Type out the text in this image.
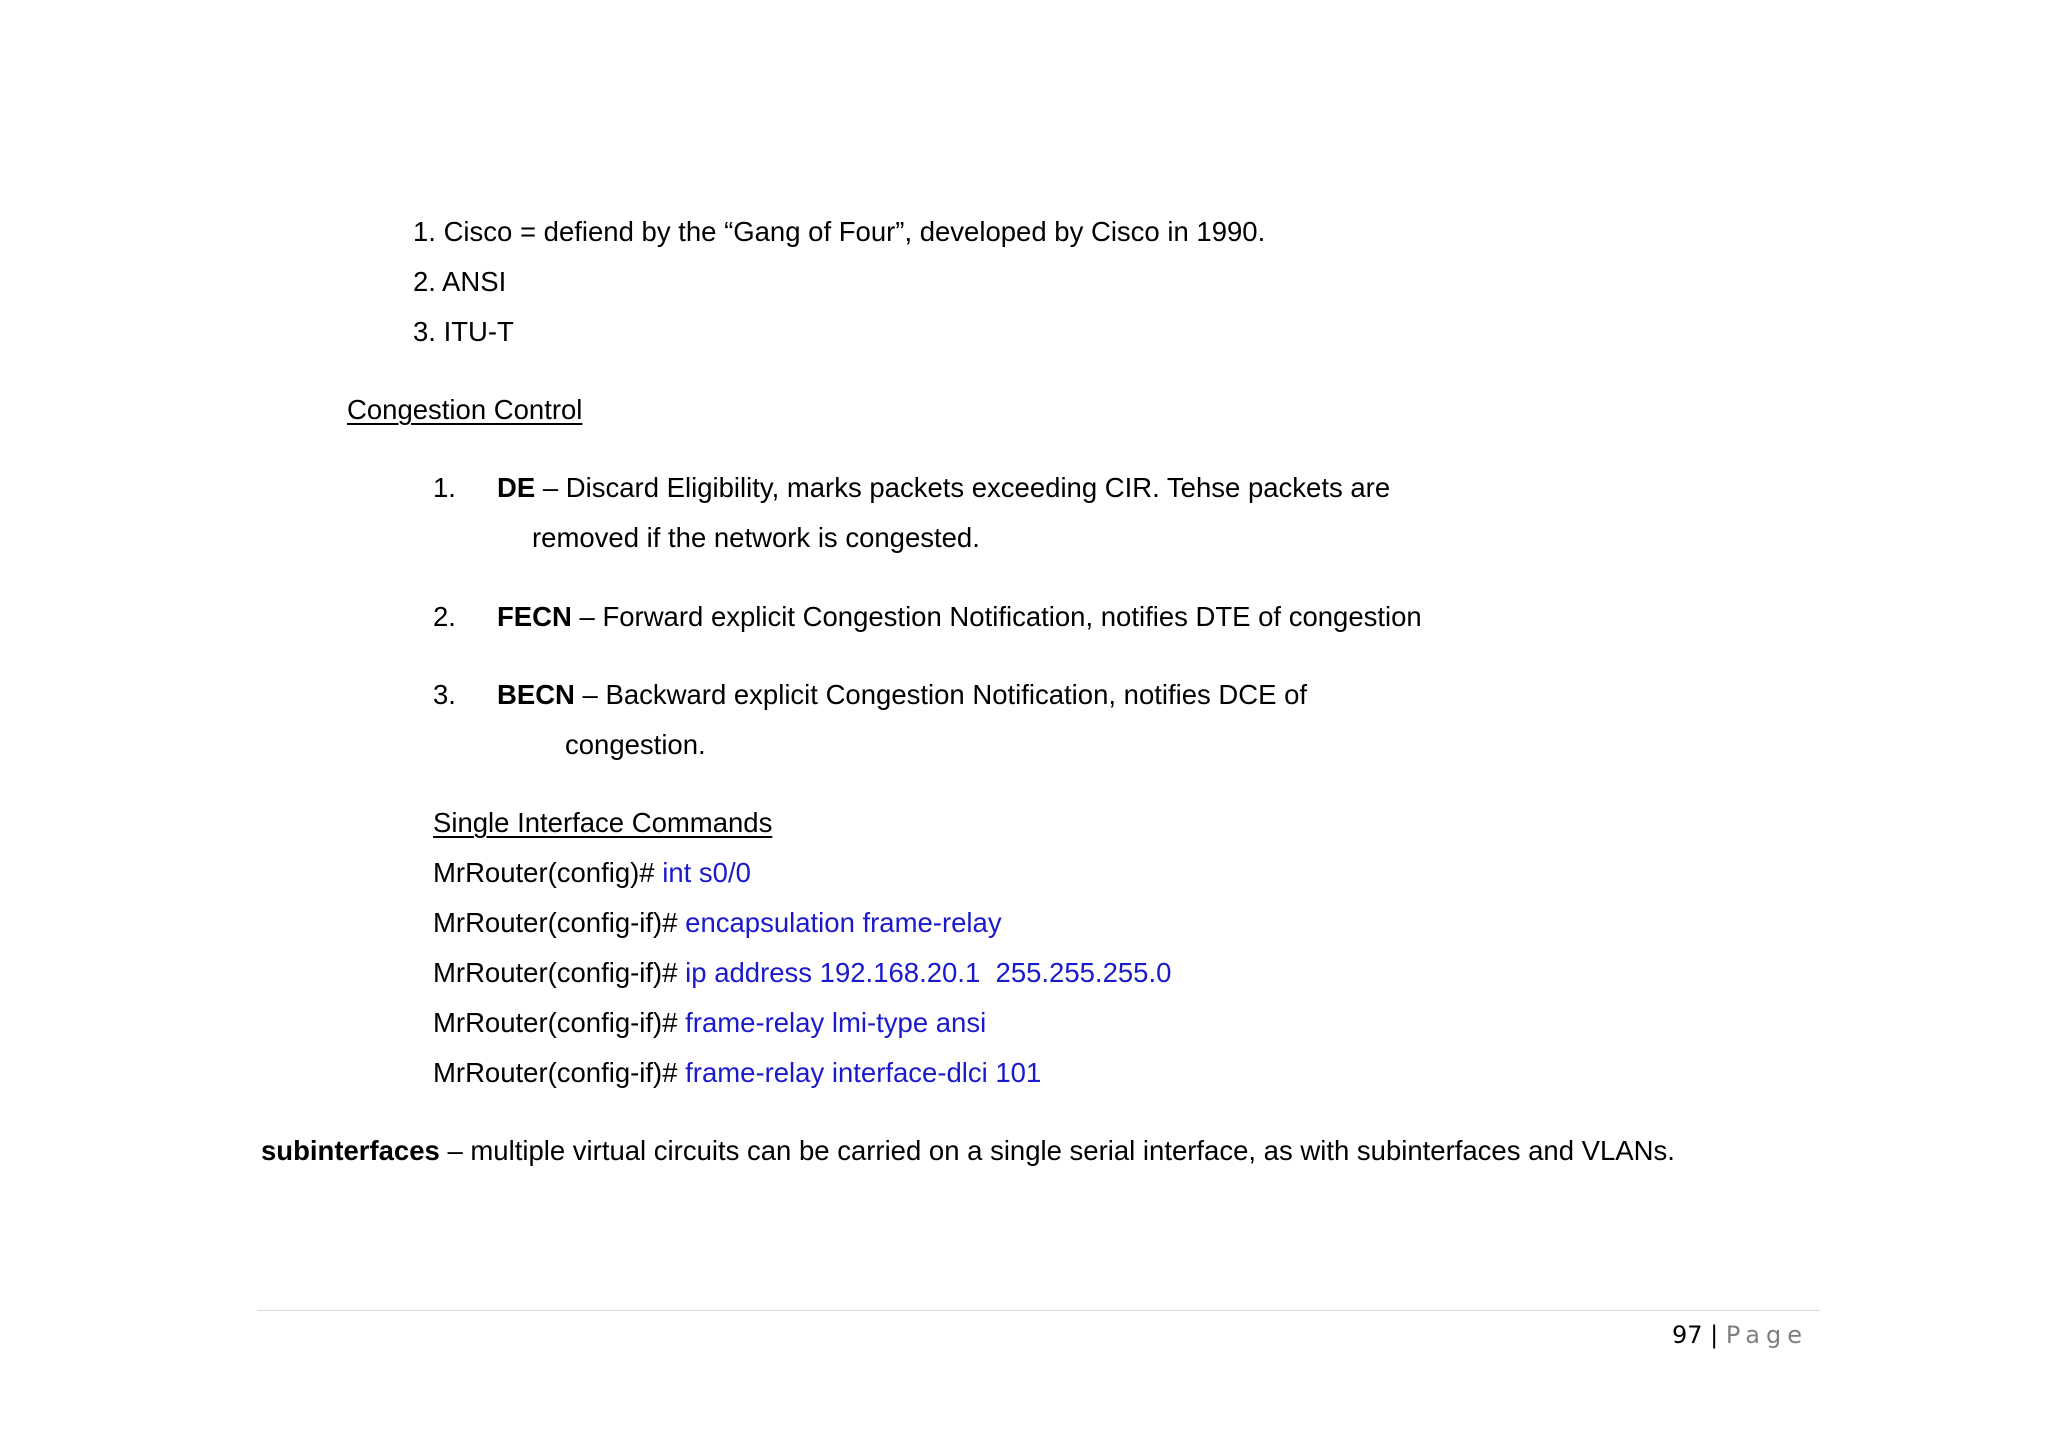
1. Cisco = defiend by the “Gang of Four”, developed by Cisco in 1990.
2. ANSI
3. ITU-T
Congestion Control
1. DE – Discard Eligibility, marks packets exceeding CIR. Tehse packets are
removed if the network is congested.
2. FECN – Forward explicit Congestion Notification, notifies DTE of congestion
3. BECN – Backward explicit Congestion Notification, notifies DCE of
congestion.
Single Interface Commands
MrRouter(config)# int s0/0
MrRouter(config-if)# encapsulation frame-relay
MrRouter(config-if)# ip address 192.168.20.1  255.255.255.0
MrRouter(config-if)# frame-relay lmi-type ansi
MrRouter(config-if)# frame-relay interface-dlci 101
subinterfaces – multiple virtual circuits can be carried on a single serial interface, as with subinterfaces and VLANs.
97 | Page
